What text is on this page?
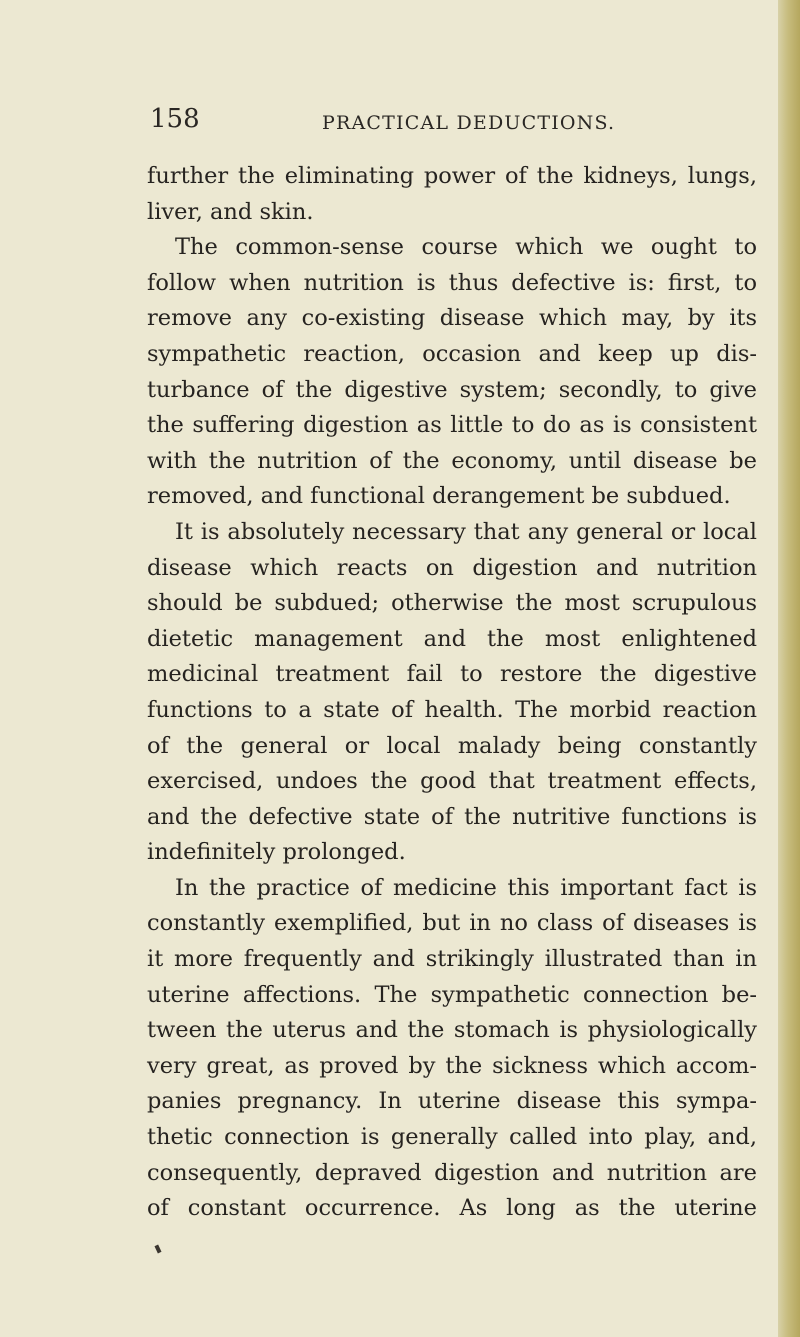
158	PRACTICAL DEDUCTIONS.
further the eliminating power of the kidneys, lungs,
liver, and skin.
The common-sense course which we ought to
follow when nutrition is thus defective is: first, to
remove any co-existing disease which may, by its
sympathetic reaction, occasion and keep up dis-
turbance of the digestive system; secondly, to give
the suffering digestion as little to do as is consistent
with the nutrition of the economy, until disease be
removed, and functional derangement be subdued.
It is absolutely necessary that any general or local
disease which reacts on digestion and nutrition
should be subdued; otherwise the most scrupulous
dietetic management and the most enlightened
medicinal treatment fail to restore the digestive
functions to a state of health. The morbid reaction
of the general or local malady being constantly
exercised, undoes the good that treatment effects,
and the defective state of the nutritive functions is
indefinitely prolonged.
In the practice of medicine this important fact is
constantly exemplified, but in no class of diseases is
it more frequently and strikingly illustrated than in
uterine affections. The sympathetic connection be-
tween the uterus and the stomach is physiologically
very great, as proved by the sickness which accom-
panies pregnancy. In uterine disease this sympa-
thetic connection is generally called into play, and,
consequently, depraved digestion and nutrition are
of constant occurrence. As long as the uterine
